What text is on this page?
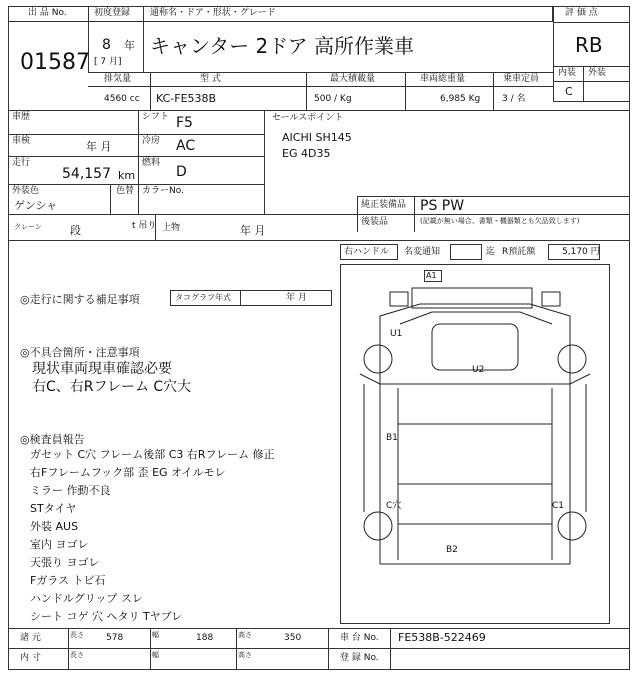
出 品 No.	初度登録 通称名・ドア・形状・グレード	評 価 点
RB
内装 外装
C
01587
8 年
[ 7 月]
キャンター 2ドア 高所作業車
排気量	型 式	最大積載量	車両総重量	乗車定員
4560 cc KC-FE538B	500 / Kg	6,985 Kg 3 / 名
車歴	シフト F5
車検	年 月	冷房 AC
走行
54,157 km
燃料
D
外装色
ゲンシャ
色替 カラーNo.
セールスポイント
AICHI SH145
EG 4D35
純正装備品 PS PW
後装品	(記載が無い場合、書類・機器類とも欠品致します)
クレーン	段	t 吊り 上物	年 月
右ハンドル 名変通知	迄 R預託額	5,170 円
◎走行に関する補足事項	タコグラフ年式	年 月
◎不具合箇所・注意事項
現状車両現車確認必要
右C、右Rフレーム C穴大
◎検査員報告
ガセット C穴 フレーム後部 C3 右Rフレーム 修正
右Fフレームフック部 歪 EG オイルモレ
ミラー 作動不良
STタイヤ
外装 AUS
室内 ヨゴレ
天張り ヨゴレ
Fガラス トビ石
ハンドルグリップ スレ
シート コゲ 穴 ヘタリ Tヤブレ
A1
U1
U2
B1
C穴	C1
B2
諸 元
内 寸
長さ 578	幅	188	高さ	350
長さ	幅	高さ
車 台 No. FE538B-522469
登 録 No.
